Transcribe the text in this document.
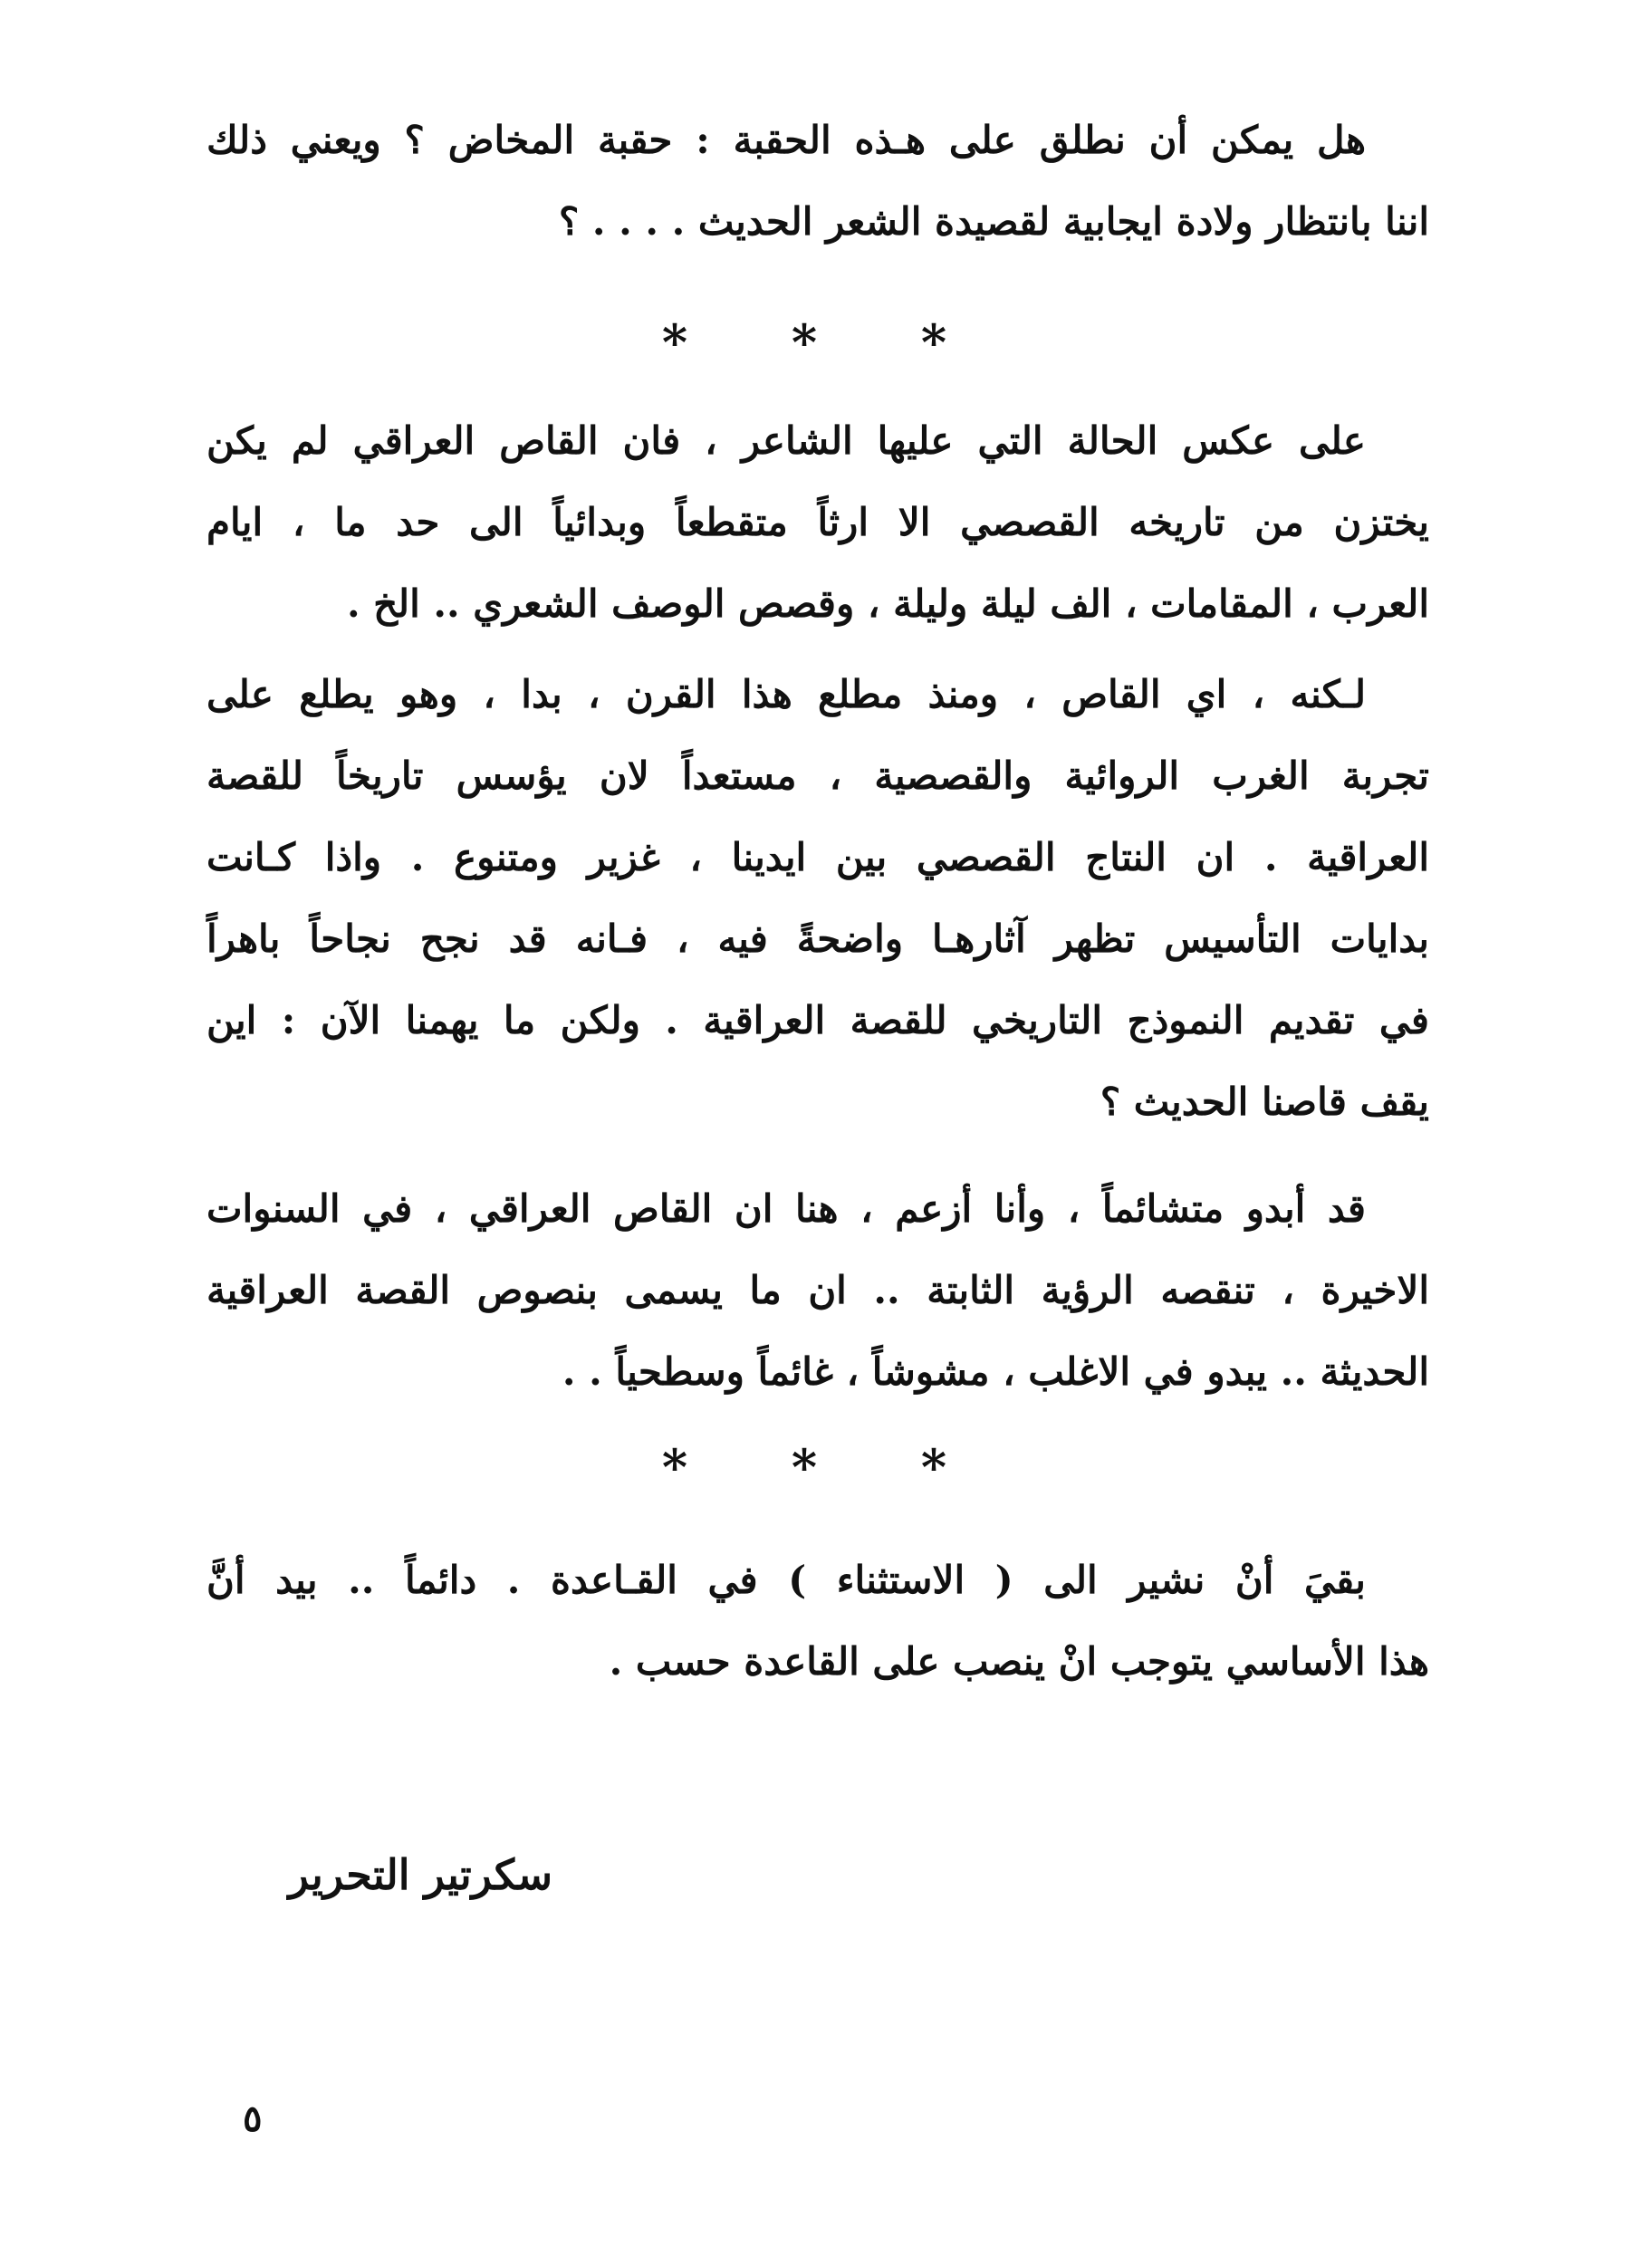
هل يمكن أن نطلق على هـذه الحقبة : حقبة المخاض ؟ ويعني ذلك
اننا بانتظار ولادة ايجابية لقصيدة الشعر الحديث . . . . ؟
* * *
على عكس الحالة التي عليها الشاعر ، فان القاص العراقي لم يكن
يختزن من تاريخه القصصي الا ارثاً متقطعاً وبدائياً الى حد ما ، ايام
العرب ، المقامات ، الف ليلة وليلة ، وقصص الوصف الشعري .. الخ .
لـكنه ، اي القاص ، ومنذ مطلع هذا القرن ، بدا ، وهو يطلع على
تجربة الغرب الروائية والقصصية ، مستعداً لان يؤسس تاريخاً للقصة
العراقية . ان النتاج القصصي بين ايدينا ، غزير ومتنوع . واذا كـانت
بدايات التأسيس تظهر آثارهـا واضحةً فيه ، فـانه قد نجح نجاحاً باهراً
في تقديم النموذج التاريخي للقصة العراقية . ولكن ما يهمنا الآن : اين
يقف قاصنا الحديث ؟
قد أبدو متشائماً ، وأنا أزعم ، هنا ان القاص العراقي ، في السنوات
الاخيرة ، تنقصه الرؤية الثابتة .. ان ما يسمى بنصوص القصة العراقية
الحديثة .. يبدو في الاغلب ، مشوشاً ، غائماً وسطحياً . .
* * *
بقيَ أنْ نشير الى ( الاستثناء ) في القـاعدة . دائماً .. بيد أنَّ
هذا الأساسي يتوجب انْ ينصب على القاعدة حسب .
سكرتير التحرير
٥
